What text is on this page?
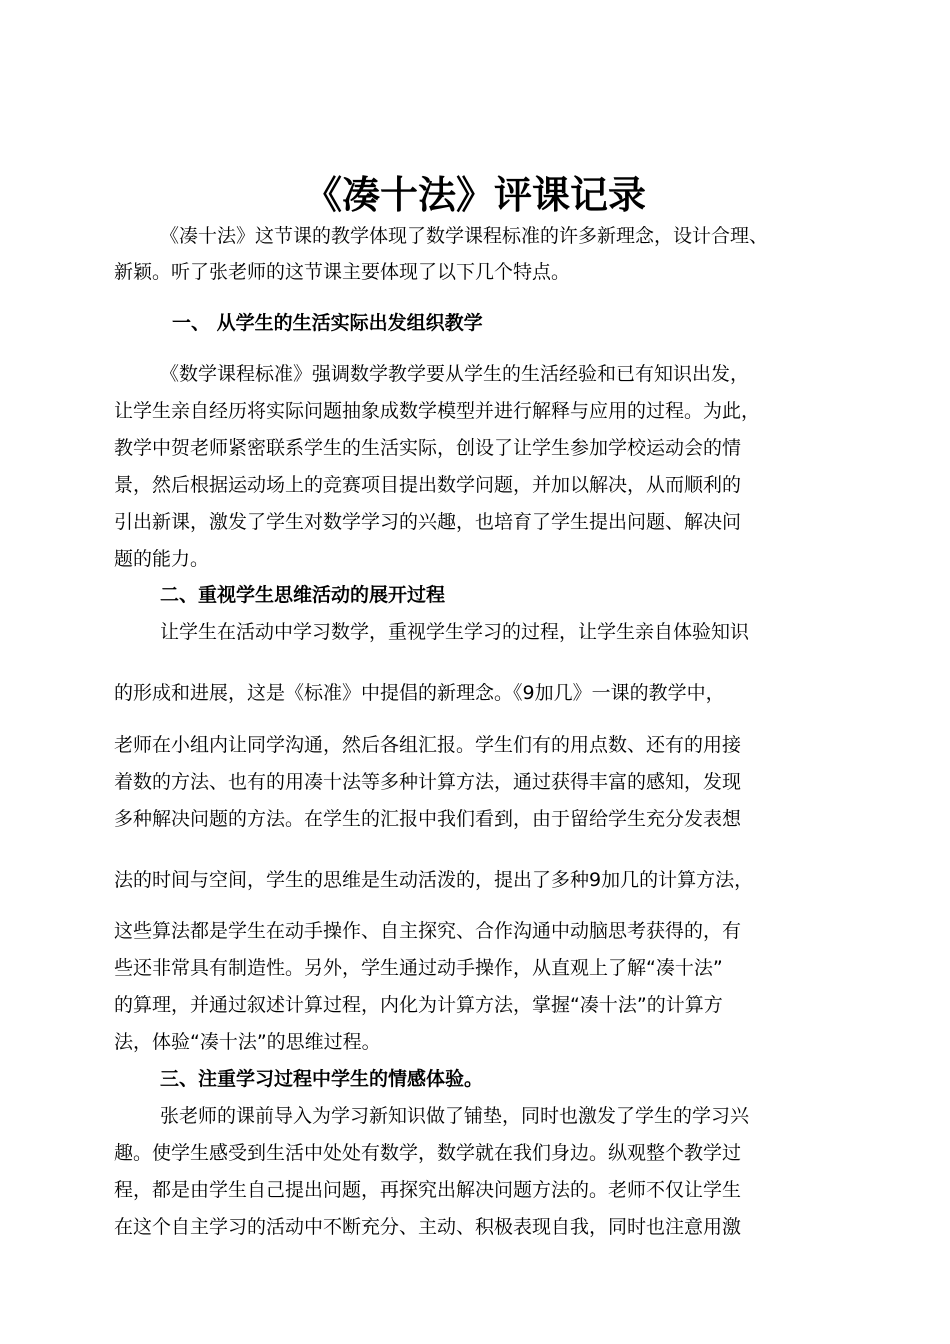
《凑十法》评课记录

《凑十法》这节课的教学体现了数学课程标准的许多新理念，设计合理、

新颖。听了张老师的这节课主要体现了以下几个特点。

一、 从学生的生活实际出发组织教学

《数学课程标准》强调数学教学要从学生的生活经验和已有知识出发，

让学生亲自经历将实际问题抽象成数学模型并进行解释与应用的过程。为此，

教学中贺老师紧密联系学生的生活实际，创设了让学生参加学校运动会的情

景，然后根据运动场上的竞赛项目提出数学问题，并加以解决，从而顺利的

引出新课，激发了学生对数学学习的兴趣，也培育了学生提出问题、解决问

题的能力。

二、重视学生思维活动的展开过程

让学生在活动中学习数学，重视学生学习的过程，让学生亲自体验知识

的形成和进展，这是《标准》中提倡的新理念。《9加几》一课的教学中，

老师在小组内让同学沟通，然后各组汇报。学生们有的用点数、还有的用接

着数的方法、也有的用凑十法等多种计算方法，通过获得丰富的感知，发现

多种解决问题的方法。在学生的汇报中我们看到，由于留给学生充分发表想

法的时间与空间，学生的思维是生动活泼的，提出了多种9加几的计算方法，

这些算法都是学生在动手操作、自主探究、合作沟通中动脑思考获得的，有

些还非常具有制造性。另外，学生通过动手操作，从直观上了解“凑十法”

的算理，并通过叙述计算过程，内化为计算方法，掌握“凑十法”的计算方

法，体验“凑十法”的思维过程。

三、注重学习过程中学生的情感体验。

张老师的课前导入为学习新知识做了铺垫，同时也激发了学生的学习兴

趣。使学生感受到生活中处处有数学，数学就在我们身边。纵观整个教学过

程，都是由学生自己提出问题，再探究出解决问题方法的。老师不仅让学生

在这个自主学习的活动中不断充分、主动、积极表现自我，同时也注意用激
